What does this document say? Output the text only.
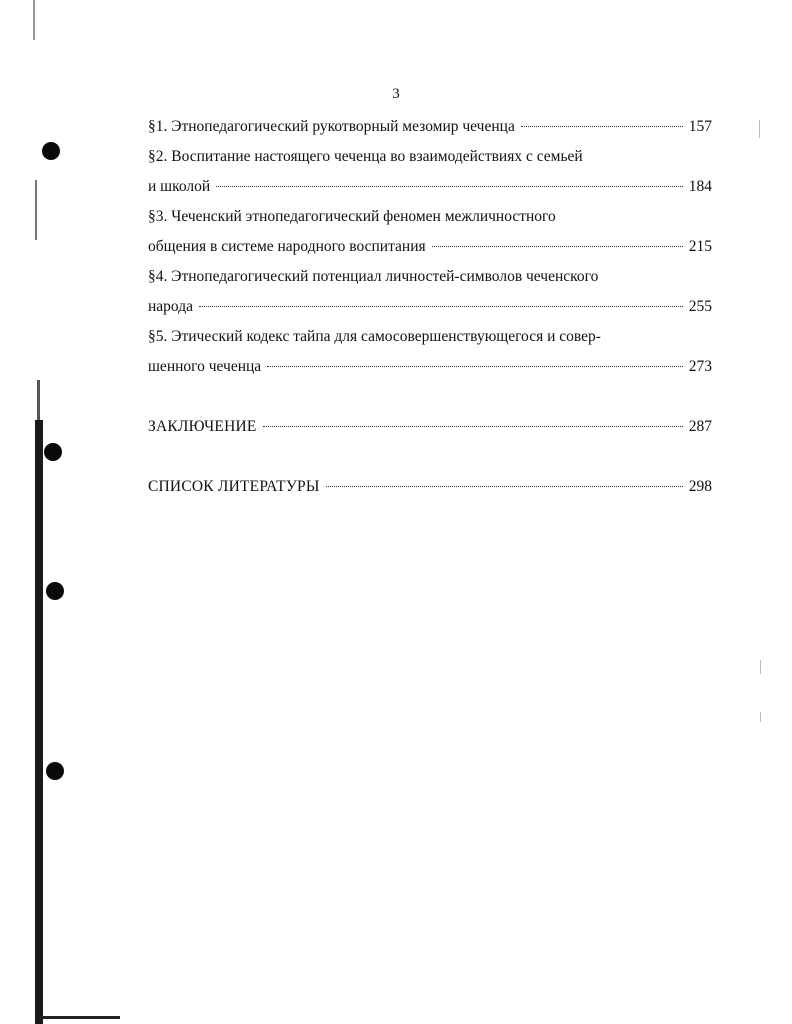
3
§1. Этнопедагогический рукотворный мезомир чеченца	157
§2. Воспитание настоящего чеченца во взаимодействиях с семьей
и школой	184
§3. Чеченский этнопедагогический феномен межличностного
общения в системе народного воспитания	215
§4. Этнопедагогический потенциал личностей-символов чеченского
народа	255
§5. Этический кодекс тайпа для самосовершенствующегося и совер-
шенного чеченца	273
ЗАКЛЮЧЕНИЕ	287
СПИСОК ЛИТЕРАТУРЫ	298
